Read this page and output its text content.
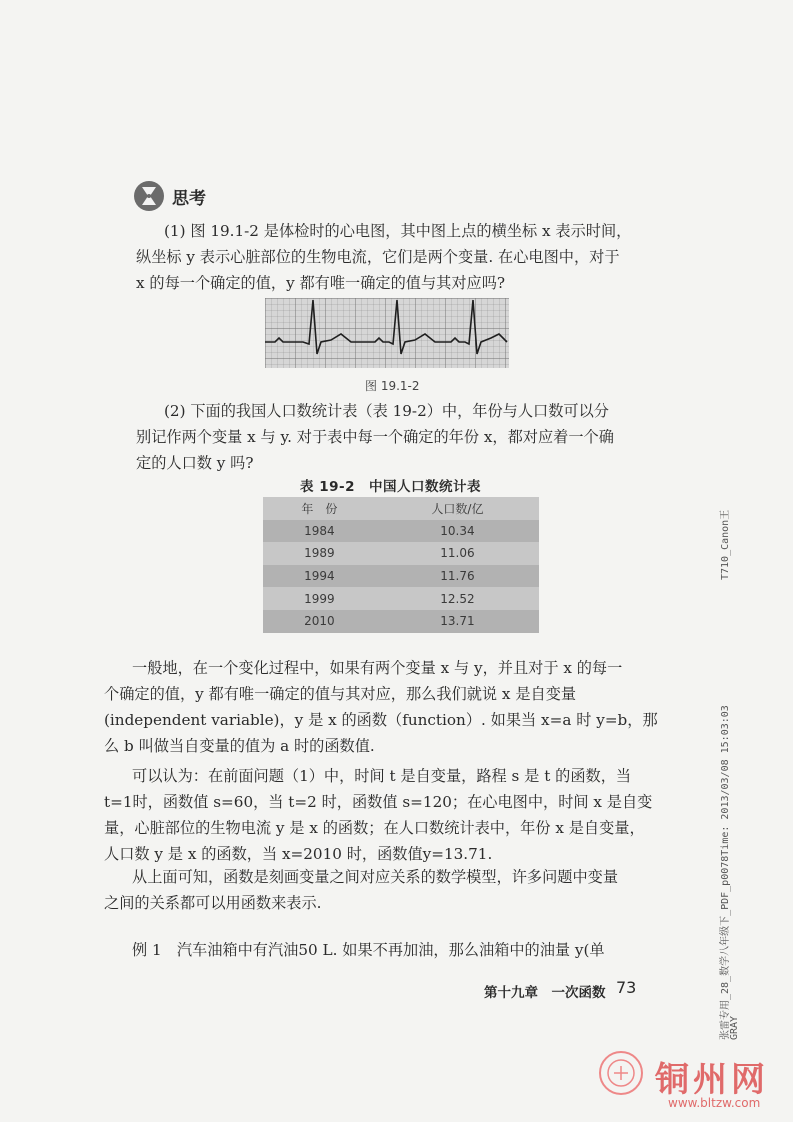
思考
(1) 图 19.1-2 是体检时的心电图，其中图上点的横坐标 x 表示时间，
纵坐标 y 表示心脏部位的生物电流，它们是两个变量. 在心电图中，对于
x 的每一个确定的值，y 都有唯一确定的值与其对应吗?
图 19.1-2
(2) 下面的我国人口数统计表（表 19-2）中，年份与人口数可以分
别记作两个变量 x 与 y. 对于表中每一个确定的年份 x，都对应着一个确
定的人口数 y 吗?
表 19-2　中国人口数统计表
年　份	人口数/亿
1984	10.34
1989	11.06
1994	11.76
1999	12.52
2010	13.71
一般地，在一个变化过程中，如果有两个变量 x 与 y，并且对于 x 的每一
个确定的值，y 都有唯一确定的值与其对应，那么我们就说 x 是自变量
(independent variable)，y 是 x 的函数（function）. 如果当 x=a 时 y=b，那
么 b 叫做当自变量的值为 a 时的函数值.
可以认为：在前面问题（1）中，时间 t 是自变量，路程 s 是 t 的函数，当
t=1时，函数值 s=60，当 t=2 时，函数值 s=120；在心电图中，时间 x 是自变
量，心脏部位的生物电流 y 是 x 的函数；在人口数统计表中，年份 x 是自变量，
人口数 y 是 x 的函数，当 x=2010 时，函数值y=13.71.
从上面可知，函数是刻画变量之间对应关系的数学模型，许多问题中变量
之间的关系都可以用函数来表示.
例 1　汽车油箱中有汽油50 L. 如果不再加油，那么油箱中的油量 y(单
第十九章　一次函数 73
T710_Canon王
张雷专用_28_数学八年级下_PDF_p0078Time: 2013/03/08 15:03:03
GRAY
铜州网
www.bltzw.com
